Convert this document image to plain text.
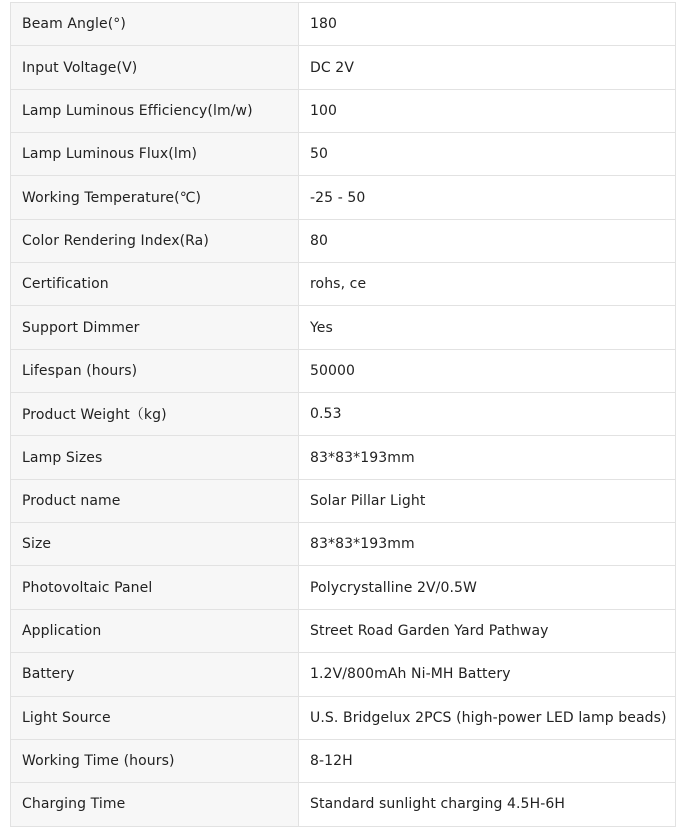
Beam Angle(°)	180
Input Voltage(V)	DC 2V
Lamp Luminous Efficiency(lm/w)	100
Lamp Luminous Flux(lm)	50
Working Temperature(℃)	-25 - 50
Color Rendering Index(Ra)	80
Certification	rohs, ce
Support Dimmer	Yes
Lifespan (hours)	50000
Product Weight（kg)	0.53
Lamp Sizes	83*83*193mm
Product name	Solar Pillar Light
Size	83*83*193mm
Photovoltaic Panel	Polycrystalline 2V/0.5W
Application	Street Road Garden Yard Pathway
Battery	1.2V/800mAh Ni-MH Battery
Light Source	U.S. Bridgelux 2PCS (high-power LED lamp beads)
Working Time (hours)	8-12H
Charging Time	Standard sunlight charging 4.5H-6H
